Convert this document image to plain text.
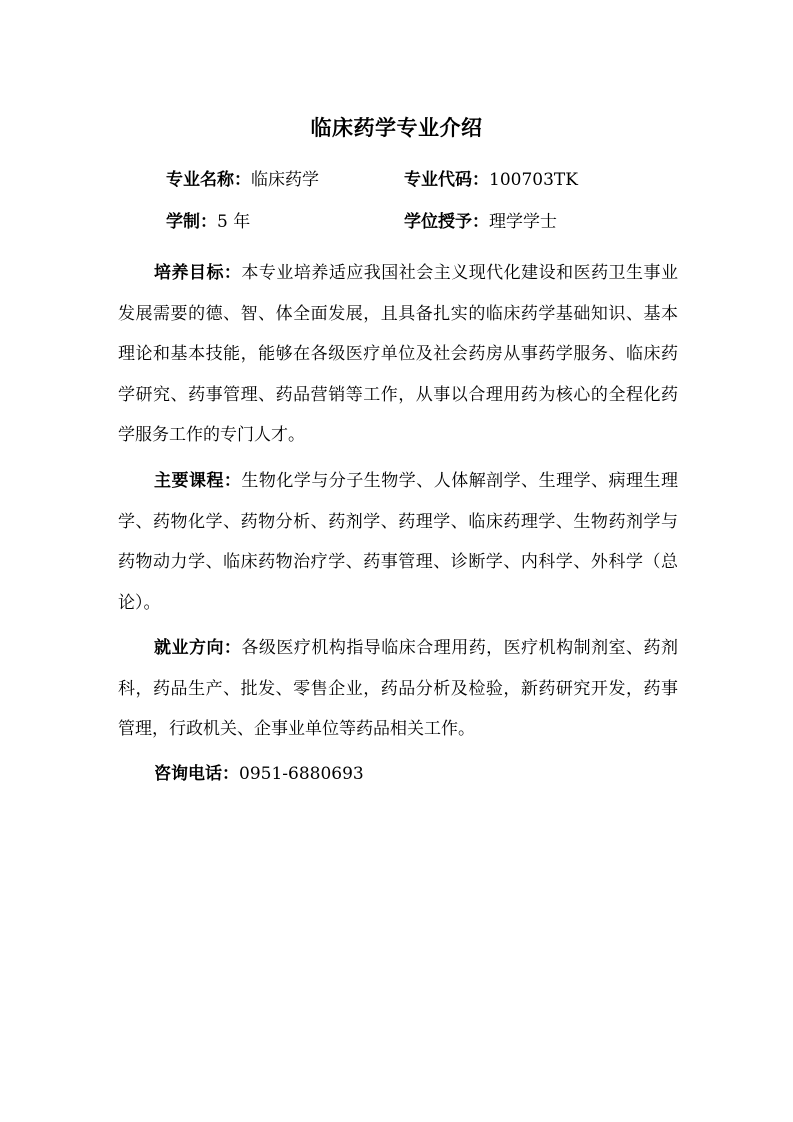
临床药学专业介绍
专业名称：临床药学	专业代码：100703TK
学制：5 年	学位授予：理学学士

培养目标：本专业培养适应我国社会主义现代化建设和医药卫生事业发展需要的德、智、体全面发展，且具备扎实的临床药学基础知识、基本理论和基本技能，能够在各级医疗单位及社会药房从事药学服务、临床药学研究、药事管理、药品营销等工作，从事以合理用药为核心的全程化药学服务工作的专门人才。

主要课程：生物化学与分子生物学、人体解剖学、生理学、病理生理学、药物化学、药物分析、药剂学、药理学、临床药理学、生物药剂学与药物动力学、临床药物治疗学、药事管理、诊断学、内科学、外科学（总论）。

就业方向：各级医疗机构指导临床合理用药，医疗机构制剂室、药剂科，药品生产、批发、零售企业，药品分析及检验，新药研究开发，药事管理，行政机关、企事业单位等药品相关工作。

咨询电话：0951-6880693
